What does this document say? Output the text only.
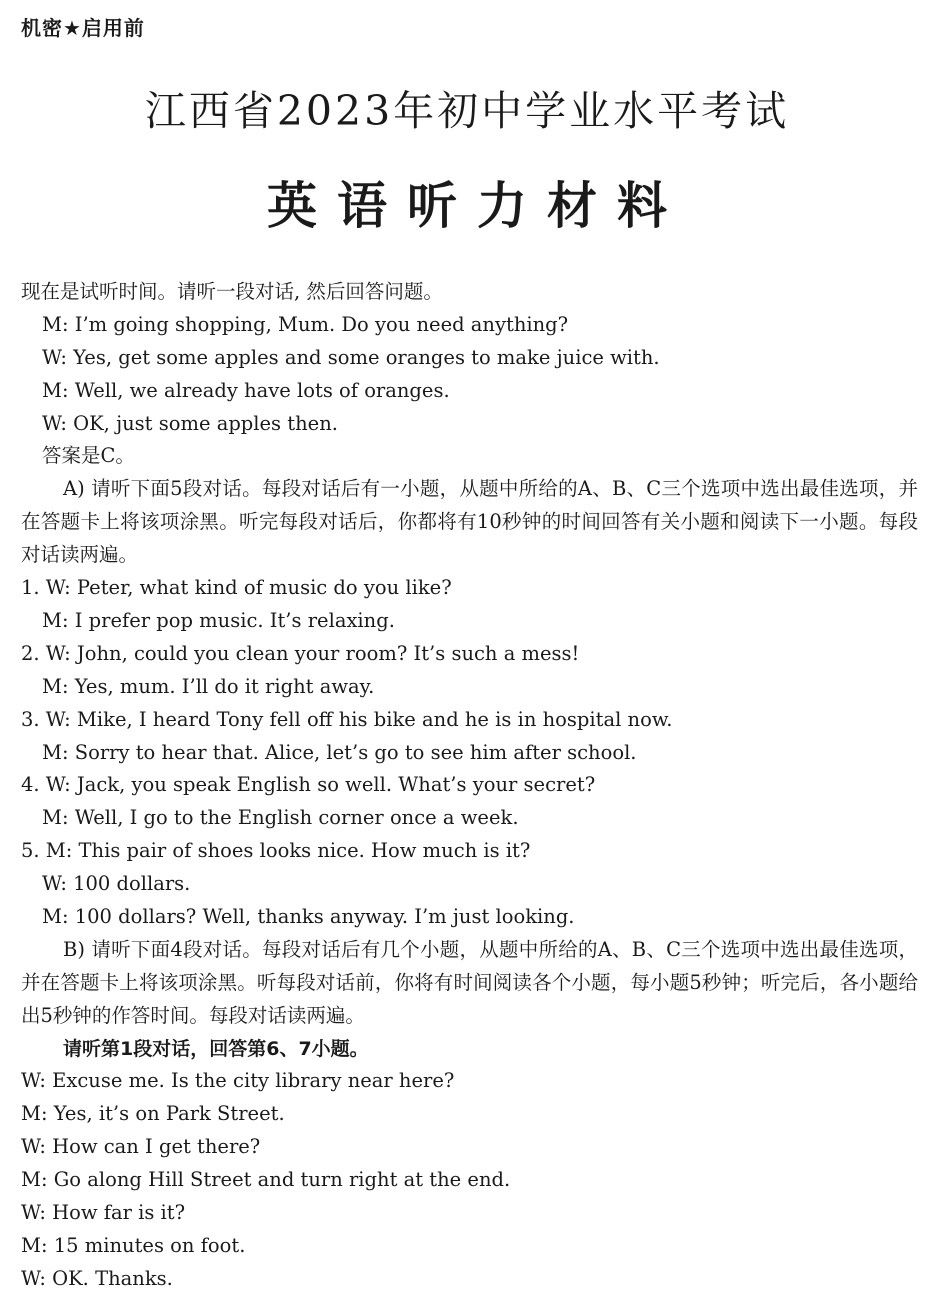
机密★启用前
江西省2023年初中学业水平考试
英语听力材料
现在是试听时间。请听一段对话, 然后回答问题。
M: I’m going shopping, Mum. Do you need anything?
W: Yes, get some apples and some oranges to make juice with.
M: Well, we already have lots of oranges.
W: OK, just some apples then.
答案是C。
A) 请听下面5段对话。每段对话后有一小题，从题中所给的A、B、C三个选项中选出最佳选项，并在答题卡上将该项涂黑。听完每段对话后，你都将有10秒钟的时间回答有关小题和阅读下一小题。每段对话读两遍。
1. W: Peter, what kind of music do you like?
M: I prefer pop music. It’s relaxing.
2. W: John, could you clean your room? It’s such a mess!
M: Yes, mum. I’ll do it right away.
3. W: Mike, I heard Tony fell off his bike and he is in hospital now.
M: Sorry to hear that. Alice, let’s go to see him after school.
4. W: Jack, you speak English so well. What’s your secret?
M: Well, I go to the English corner once a week.
5. M: This pair of shoes looks nice. How much is it?
W: 100 dollars.
M: 100 dollars? Well, thanks anyway. I’m just looking.
B) 请听下面4段对话。每段对话后有几个小题，从题中所给的A、B、C三个选项中选出最佳选项，并在答题卡上将该项涂黑。听每段对话前，你将有时间阅读各个小题，每小题5秒钟；听完后，各小题给出5秒钟的作答时间。每段对话读两遍。
请听第1段对话，回答第6、7小题。
W: Excuse me. Is the city library near here?
M: Yes, it’s on Park Street.
W: How can I get there?
M: Go along Hill Street and turn right at the end.
W: How far is it?
M: 15 minutes on foot.
W: OK. Thanks.
